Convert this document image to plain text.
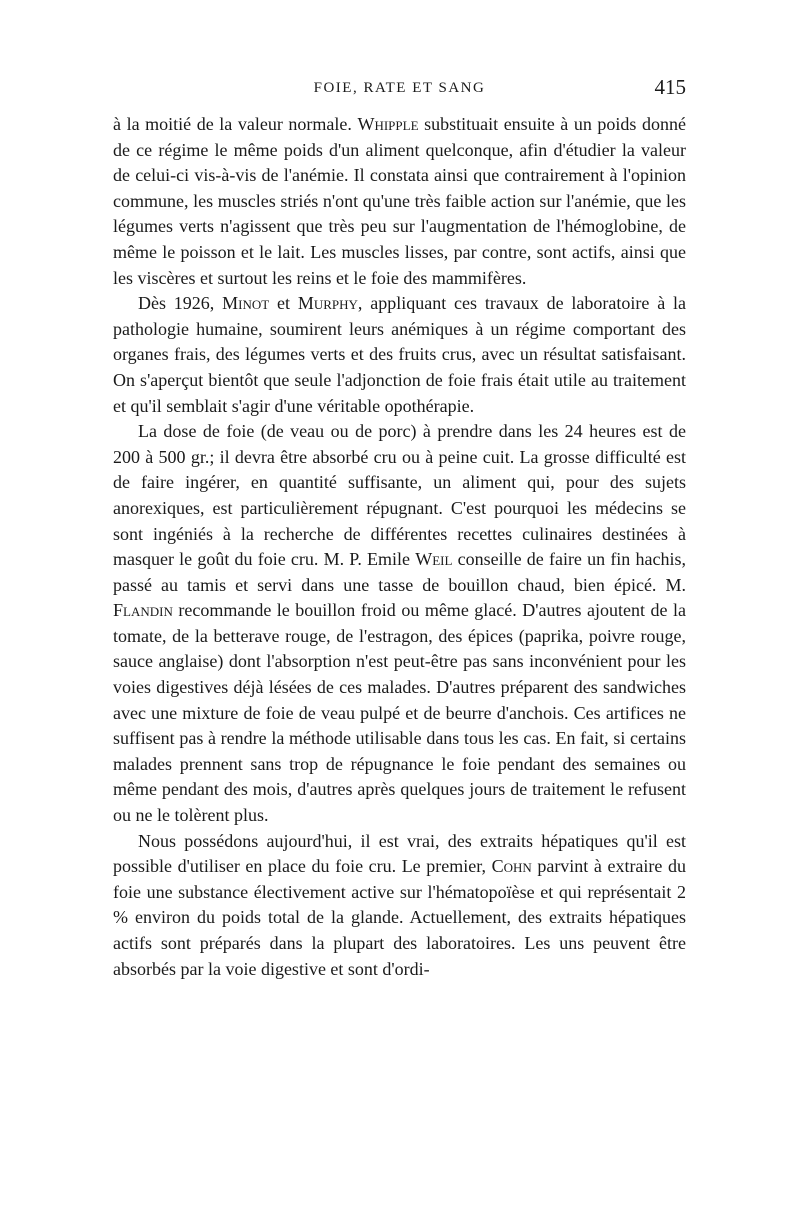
FOIE, RATE ET SANG	415

à la moitié de la valeur normale. Whipple substituait ensuite à un poids donné de ce régime le même poids d'un aliment quelconque, afin d'étudier la valeur de celui-ci vis-à-vis de l'anémie. Il constata ainsi que contrairement à l'opinion commune, les muscles striés n'ont qu'une très faible action sur l'anémie, que les légumes verts n'agissent que très peu sur l'augmentation de l'hémoglobine, de même le poisson et le lait. Les muscles lisses, par contre, sont actifs, ainsi que les viscères et surtout les reins et le foie des mammifères.

Dès 1926, Minot et Murphy, appliquant ces travaux de laboratoire à la pathologie humaine, soumirent leurs anémiques à un régime comportant des organes frais, des légumes verts et des fruits crus, avec un résultat satisfaisant. On s'aperçut bientôt que seule l'adjonction de foie frais était utile au traitement et qu'il semblait s'agir d'une véritable opothérapie.

La dose de foie (de veau ou de porc) à prendre dans les 24 heures est de 200 à 500 gr.; il devra être absorbé cru ou à peine cuit. La grosse difficulté est de faire ingérer, en quantité suffisante, un aliment qui, pour des sujets anorexiques, est particulièrement répugnant. C'est pourquoi les médecins se sont ingéniés à la recherche de différentes recettes culinaires destinées à masquer le goût du foie cru. M. P. Emile Weil conseille de faire un fin hachis, passé au tamis et servi dans une tasse de bouillon chaud, bien épicé. M. Flandin recommande le bouillon froid ou même glacé. D'autres ajoutent de la tomate, de la betterave rouge, de l'estragon, des épices (paprika, poivre rouge, sauce anglaise) dont l'absorption n'est peut-être pas sans inconvénient pour les voies digestives déjà lésées de ces malades. D'autres préparent des sandwiches avec une mixture de foie de veau pulpé et de beurre d'anchois. Ces artifices ne suffisent pas à rendre la méthode utilisable dans tous les cas. En fait, si certains malades prennent sans trop de répugnance le foie pendant des semaines ou même pendant des mois, d'autres après quelques jours de traitement le refusent ou ne le tolèrent plus.

Nous possédons aujourd'hui, il est vrai, des extraits hépatiques qu'il est possible d'utiliser en place du foie cru. Le premier, Cohn parvint à extraire du foie une substance électivement active sur l'hématopoïèse et qui représentait 2 % environ du poids total de la glande. Actuellement, des extraits hépatiques actifs sont préparés dans la plupart des laboratoires. Les uns peuvent être absorbés par la voie digestive et sont d'ordi-
